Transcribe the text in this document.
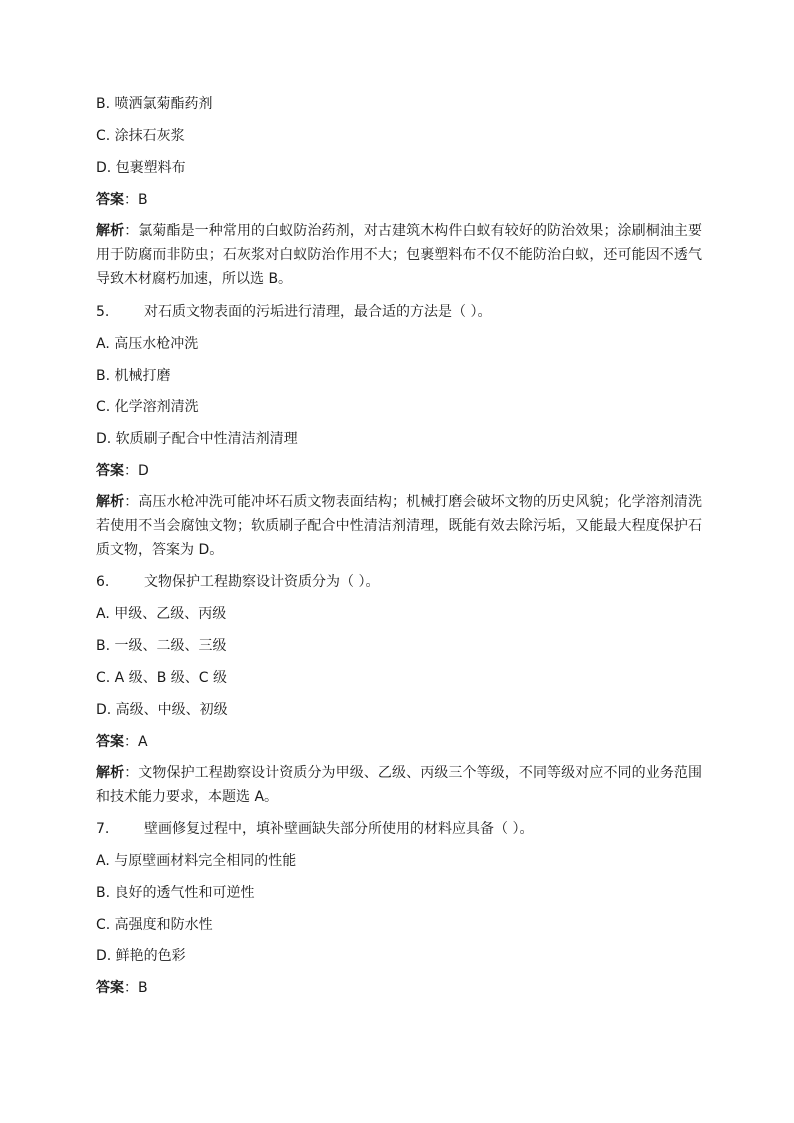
B. 喷洒氯菊酯药剂
C. 涂抹石灰浆
D. 包裹塑料布
答案：B
解析：氯菊酯是一种常用的白蚁防治药剂，对古建筑木构件白蚁有较好的防治效果；涂刷桐油主要用于防腐而非防虫；石灰浆对白蚁防治作用不大；包裹塑料布不仅不能防治白蚁，还可能因不透气导致木材腐朽加速，所以选 B。
5. 对石质文物表面的污垢进行清理，最合适的方法是（ ）。
A. 高压水枪冲洗
B. 机械打磨
C. 化学溶剂清洗
D. 软质刷子配合中性清洁剂清理
答案：D
解析：高压水枪冲洗可能冲坏石质文物表面结构；机械打磨会破坏文物的历史风貌；化学溶剂清洗若使用不当会腐蚀文物；软质刷子配合中性清洁剂清理，既能有效去除污垢，又能最大程度保护石质文物，答案为 D。
6. 文物保护工程勘察设计资质分为（ ）。
A. 甲级、乙级、丙级
B. 一级、二级、三级
C. A 级、B 级、C 级
D. 高级、中级、初级
答案：A
解析：文物保护工程勘察设计资质分为甲级、乙级、丙级三个等级，不同等级对应不同的业务范围和技术能力要求，本题选 A。
7. 壁画修复过程中，填补壁画缺失部分所使用的材料应具备（ ）。
A. 与原壁画材料完全相同的性能
B. 良好的透气性和可逆性
C. 高强度和防水性
D. 鲜艳的色彩
答案：B
